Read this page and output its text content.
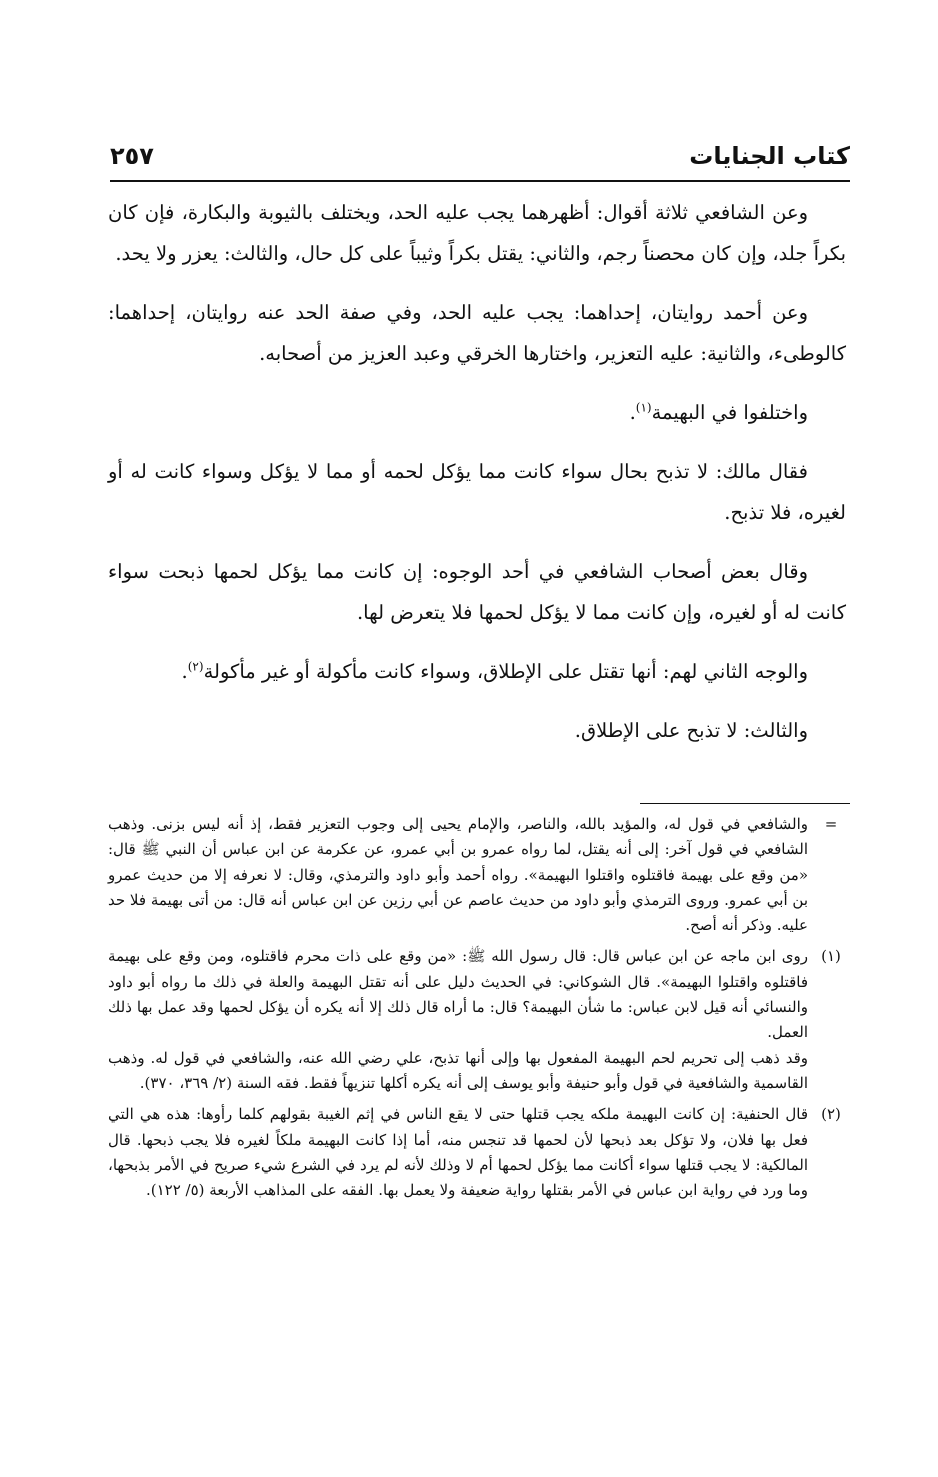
كتاب الجنايات
٢٥٧

وعن الشافعي ثلاثة أقوال: أظهرهما يجب عليه الحد، ويختلف بالثيوبة والبكارة، فإن كان بكراً جلد، وإن كان محصناً رجم، والثاني: يقتل بكراً وثيباً على كل حال، والثالث: يعزر ولا يحد.

وعن أحمد روايتان، إحداهما: يجب عليه الحد، وفي صفة الحد عنه روايتان، إحداهما: كالوطىء، والثانية: عليه التعزير، واختارها الخرقي وعبد العزيز من أصحابه.

واختلفوا في البهيمة$^{(١)}$.

فقال مالك: لا تذبح بحال سواء كانت مما يؤكل لحمه أو مما لا يؤكل وسواء كانت له أو لغيره، فلا تذبح.

وقال بعض أصحاب الشافعي في أحد الوجوه: إن كانت مما يؤكل لحمها ذبحت سواء كانت له أو لغيره، وإن كانت مما لا يؤكل لحمها فلا يتعرض لها.

والوجه الثاني لهم: أنها تقتل على الإطلاق، وسواء كانت مأكولة أو غير مأكولة$^{(٢)}$.

والثالث: لا تذبح على الإطلاق.

=

والشافعي في قول له، والمؤيد بالله، والناصر، والإمام يحيى إلى وجوب التعزير فقط، إذ أنه ليس بزنى. وذهب الشافعي في قول آخر: إلى أنه يقتل، لما رواه عمرو بن أبي عمرو، عن عكرمة عن ابن عباس أن النبي ﷺ قال: «من وقع على بهيمة فاقتلوه واقتلوا البهيمة». رواه أحمد وأبو داود والترمذي، وقال: لا نعرفه إلا من حديث عمرو بن أبي عمرو. وروى الترمذي وأبو داود من حديث عاصم عن أبي رزين عن ابن عباس أنه قال: من أتى بهيمة فلا حد عليه. وذكر أنه أصح.

(١)

روى ابن ماجه عن ابن عباس قال: قال رسول الله ﷺ: «من وقع على ذات محرم فاقتلوه، ومن وقع على بهيمة فاقتلوه واقتلوا البهيمة». قال الشوكاني: في الحديث دليل على أنه تقتل البهيمة والعلة في ذلك ما رواه أبو داود والنسائي أنه قيل لابن عباس: ما شأن البهيمة؟ قال: ما أراه قال ذلك إلا أنه يكره أن يؤكل لحمها وقد عمل بها ذلك العمل.

وقد ذهب إلى تحريم لحم البهيمة المفعول بها وإلى أنها تذبح، علي رضي الله عنه، والشافعي في قول له. وذهب القاسمية والشافعية في قول وأبو حنيفة وأبو يوسف إلى أنه يكره أكلها تنزيهاً فقط. فقه السنة (٢/ ٣٦٩، ٣٧٠).

(٢)

قال الحنفية: إن كانت البهيمة ملكه يجب قتلها حتى لا يقع الناس في إثم الغيبة بقولهم كلما رأوها: هذه هي التي فعل بها فلان، ولا تؤكل بعد ذبحها لأن لحمها قد تنجس منه، أما إذا كانت البهيمة ملكاً لغيره فلا يجب ذبحها. قال المالكية: لا يجب قتلها سواء أكانت مما يؤكل لحمها أم لا وذلك لأنه لم يرد في الشرع شيء صريح في الأمر بذبحها، وما ورد في رواية ابن عباس في الأمر بقتلها رواية ضعيفة ولا يعمل بها. الفقه على المذاهب الأربعة (٥/ ١٢٢).
